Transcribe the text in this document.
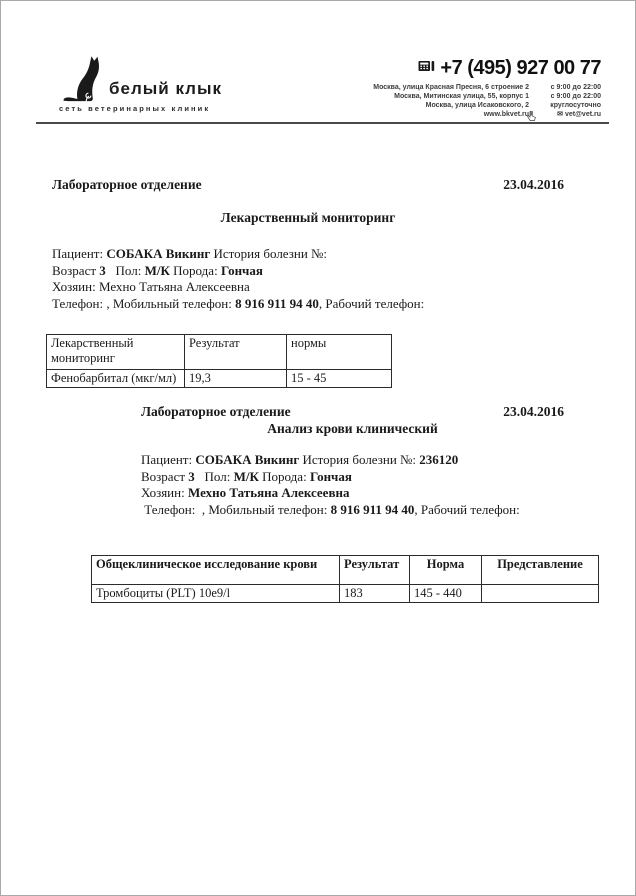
белый клык
сеть ветеринарных клиник
+7 (495) 927 00 77
Москва, улица Красная Пресня, 6 строение 2	с 9:00 до 22:00
Москва, Митинская улица, 55, корпус 1	с 9:00 до 22:00
Москва, улица Исаковского, 2	круглосуточно
www.bkvet.ru	✉ vet@vet.ru
Лабораторное отделение	23.04.2016
Лекарственный мониторинг
Пациент: СОБАКА Викинг История болезни №:
Возраст 3   Пол: М/К Порода: Гончая
Хозяин: Мехно Татьяна Алексеевна
Телефон: , Мобильный телефон: 8 916 911 94 40, Рабочий телефон:
Лекарственный мониторинг	Результат	нормы
Фенобарбитал (мкг/мл)	19,3	15 - 45
Лабораторное отделение	23.04.2016
Анализ крови клинический
Пациент: СОБАКА Викинг История болезни №: 236120
Возраст 3   Пол: М/К Порода: Гончая
Хозяин: Мехно Татьяна Алексеевна
Телефон:  , Мобильный телефон: 8 916 911 94 40, Рабочий телефон:
Общеклиническое исследование крови	Результат	Норма	Представление
Тромбоциты (PLT) 10e9/l	183	145 - 440	
